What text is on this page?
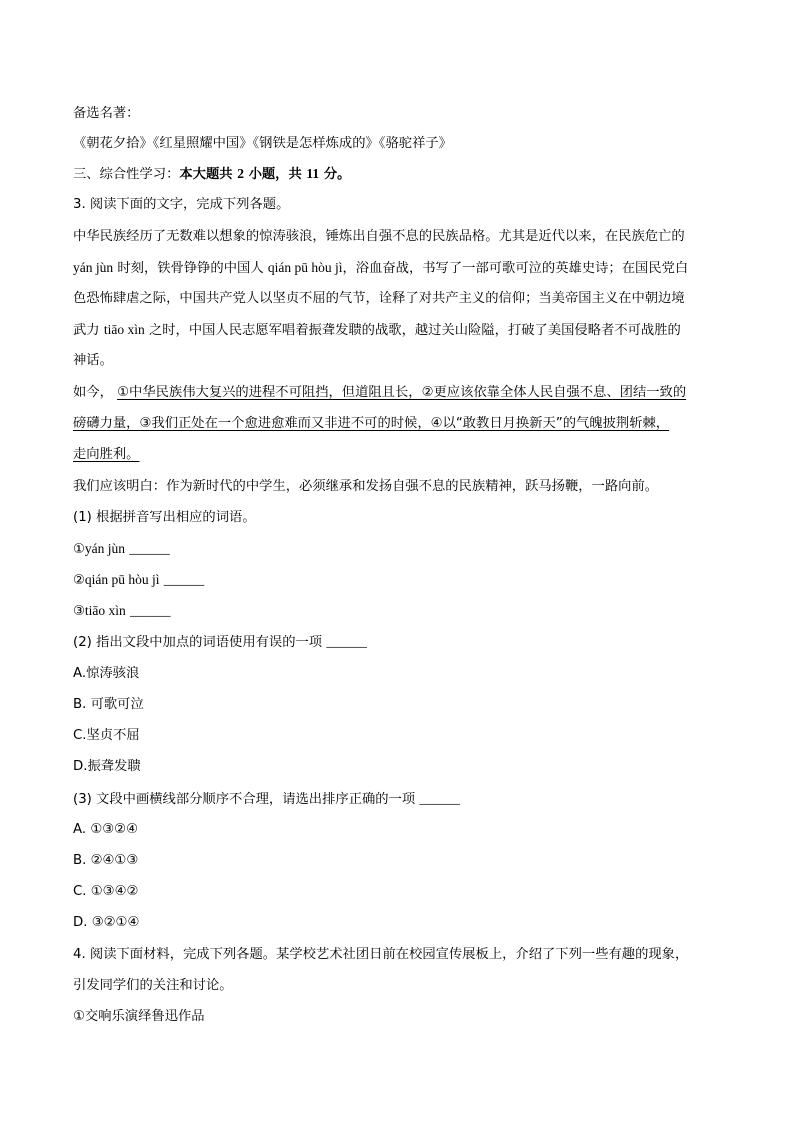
备选名著：
《朝花夕拾》《红星照耀中国》《钢铁是怎样炼成的》《骆驼祥子》
三、综合性学习：本大题共 2 小题，共 11 分。
3. 阅读下面的文字，完成下列各题。
中华民族经历了无数难以想象的惊涛骇浪，锤炼出自强不息的民族品格。尤其是近代以来，在民族危亡的
yán jùn 时刻，铁骨铮铮的中国人 qián pū hòu jì，浴血奋战，书写了一部可歌可泣的英雄史诗；在国民党白
色恐怖肆虐之际，中国共产党人以坚贞不屈的气节，诠释了对共产主义的信仰；当美帝国主义在中朝边境
武力 tiāo xìn 之时，中国人民志愿军唱着振聋发聩的战歌，越过关山险隘，打破了美国侵略者不可战胜的
神话。
如今， ①中华民族伟大复兴的进程不可阻挡，但道阻且长，②更应该依靠全体人民自强不息、团结一致的
磅礴力量，③我们正处在一个愈进愈难而又非进不可的时候，④以“敢教日月换新天”的气魄披荆斩棘，
走向胜利。
我们应该明白：作为新时代的中学生，必须继承和发扬自强不息的民族精神，跃马扬鞭，一路向前。
(1) 根据拼音写出相应的词语。
①yán jùn ______
②qián pū hòu jì ______
③tiāo xìn ______
(2) 指出文段中加点的词语使用有误的一项 ______
A.惊涛骇浪
B. 可歌可泣
C.坚贞不屈
D.振聋发聩
(3) 文段中画横线部分顺序不合理，请选出排序正确的一项 ______
A. ①③②④
B. ②④①③
C. ①③④②
D. ③②①④
4. 阅读下面材料，完成下列各题。某学校艺术社团日前在校园宣传展板上，介绍了下列一些有趣的现象，
引发同学们的关注和讨论。
①交响乐演绎鲁迅作品
